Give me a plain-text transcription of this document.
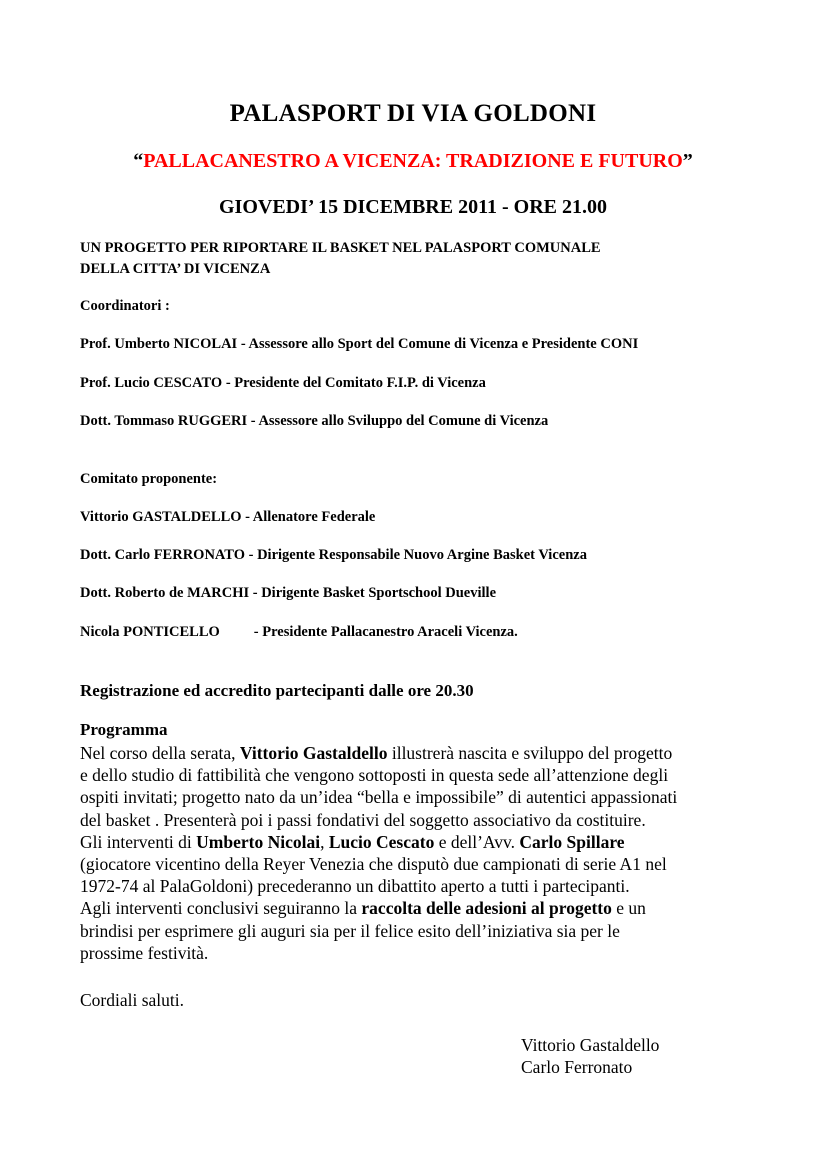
PALASPORT DI VIA GOLDONI
“PALLACANESTRO A VICENZA: TRADIZIONE E FUTURO”
GIOVEDI’ 15 DICEMBRE 2011 - ORE 21.00
UN PROGETTO PER RIPORTARE IL BASKET NEL PALASPORT COMUNALE
DELLA CITTA’ DI VICENZA
Coordinatori :
Prof. Umberto NICOLAI - Assessore allo Sport del Comune di Vicenza e Presidente CONI
Prof. Lucio CESCATO - Presidente del Comitato F.I.P. di Vicenza
Dott. Tommaso RUGGERI - Assessore allo Sviluppo del Comune di Vicenza
Comitato proponente:
Vittorio GASTALDELLO - Allenatore Federale
Dott. Carlo FERRONATO - Dirigente Responsabile Nuovo Argine Basket Vicenza
Dott. Roberto de MARCHI - Dirigente Basket Sportschool Dueville
Nicola PONTICELLO - Presidente Pallacanestro Araceli Vicenza.
Registrazione ed accredito partecipanti dalle ore 20.30
Programma
Nel corso della serata, Vittorio Gastaldello illustrerà nascita e sviluppo del progetto
e dello studio di fattibilità che vengono sottoposti in questa sede all’attenzione degli
ospiti invitati; progetto nato da un’idea “bella e impossibile” di autentici appassionati
del basket . Presenterà poi i passi fondativi del soggetto associativo da costituire.
Gli interventi di Umberto Nicolai, Lucio Cescato e dell’Avv. Carlo Spillare
(giocatore vicentino della Reyer Venezia che disputò due campionati di serie A1 nel
1972-74 al PalaGoldoni) precederanno un dibattito aperto a tutti i partecipanti.
Agli interventi conclusivi seguiranno la raccolta delle adesioni al progetto e un
brindisi per esprimere gli auguri sia per il felice esito dell’iniziativa sia per le
prossime festività.
Cordiali saluti.
Vittorio Gastaldello
Carlo Ferronato
